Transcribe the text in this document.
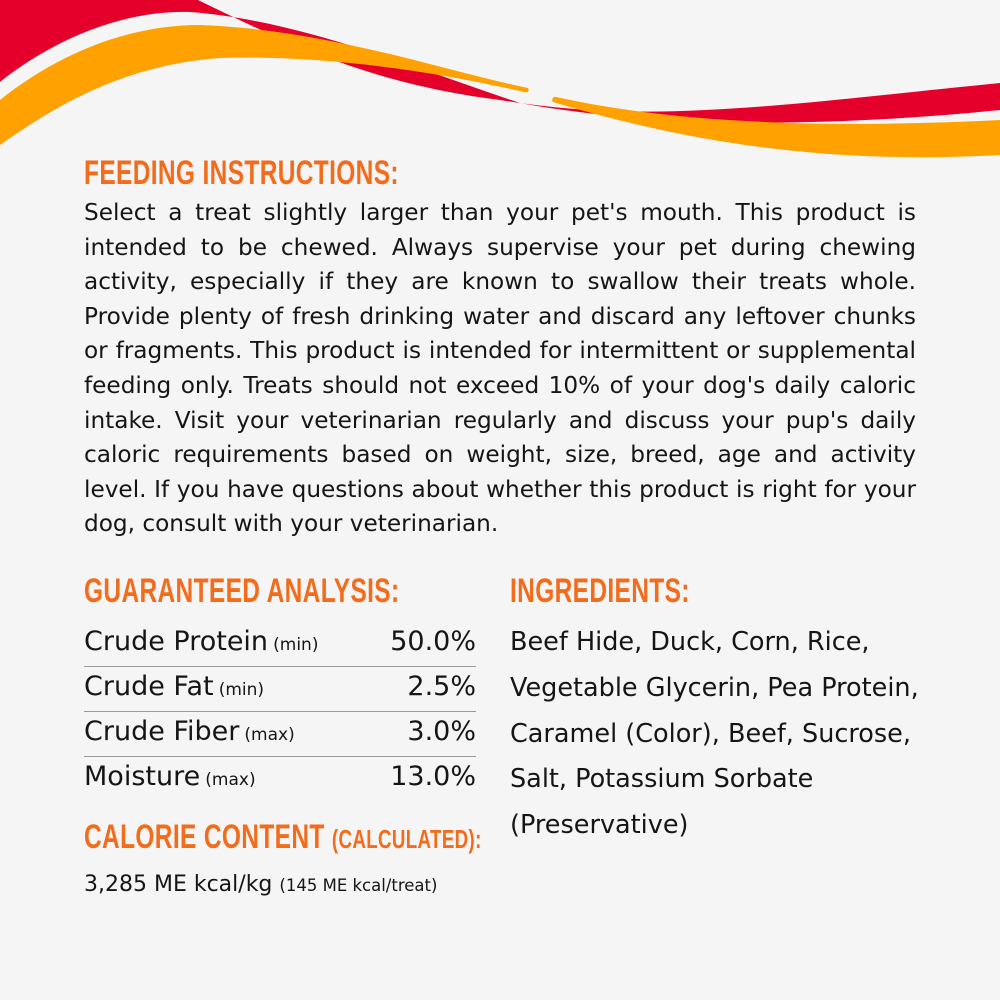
FEEDING INSTRUCTIONS:
Select a treat slightly larger than your pet's mouth. This product is intended to be chewed. Always supervise your pet during chewing activity, especially if they are known to swallow their treats whole. Provide plenty of fresh drinking water and discard any leftover chunks or fragments. This product is intended for intermittent or supplemental feeding only. Treats should not exceed 10% of your dog's daily caloric intake. Visit your veterinarian regularly and discuss your pup's daily caloric requirements based on weight, size, breed, age and activity level. If you have questions about whether this product is right for your dog, consult with your veterinarian.
GUARANTEED ANALYSIS:
Crude Protein (min)	50.0%
Crude Fat (min)	2.5%
Crude Fiber (max)	3.0%
Moisture (max)	13.0%
CALORIE CONTENT (CALCULATED):
3,285 ME kcal/kg (145 ME kcal/treat)
INGREDIENTS:
Beef Hide, Duck, Corn, Rice, Vegetable Glycerin, Pea Protein, Caramel (Color), Beef, Sucrose, Salt, Potassium Sorbate (Preservative)
